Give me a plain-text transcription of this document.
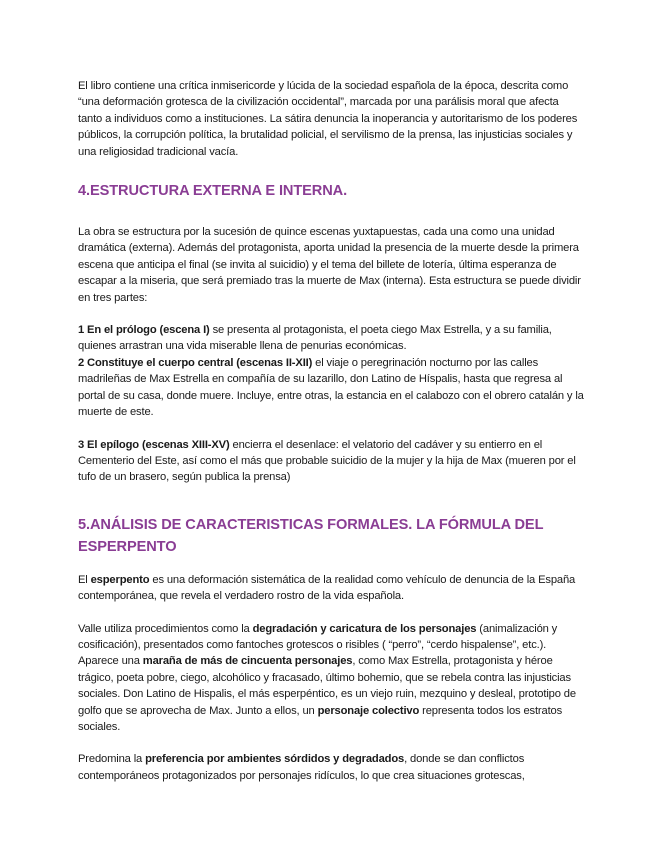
El libro contiene una crítica inmisericorde y lúcida de la sociedad española de la época, descrita como “una deformación grotesca de la civilización occidental”, marcada por una parálisis moral que afecta tanto a individuos como a instituciones. La sátira denuncia la inoperancia y autoritarismo de los poderes públicos, la corrupción política, la brutalidad policial, el servilismo de la prensa, las injusticias sociales y una religiosidad tradicional vacía.

4.ESTRUCTURA EXTERNA E INTERNA.

La obra se estructura por la sucesión de quince escenas yuxtapuestas, cada una como una unidad dramática (externa). Además del protagonista, aporta unidad la presencia de la muerte desde la primera escena que anticipa el final (se invita al suicidio) y el tema del billete de lotería, última esperanza de escapar a la miseria, que será premiado tras la muerte de Max (interna). Esta estructura se puede dividir en tres partes:

1 En el prólogo (escena I) se presenta al protagonista, el poeta ciego Max Estrella, y a su familia, quienes arrastran una vida miserable llena de penurias económicas.

2 Constituye el cuerpo central (escenas II-XII) el viaje o peregrinación nocturno por las calles madrileñas de Max Estrella en compañía de su lazarillo, don Latino de Híspalis, hasta que regresa al portal de su casa, donde muere. Incluye, entre otras, la estancia en el calabozo con el obrero catalán y la muerte de este.

3 El epílogo (escenas XIII-XV) encierra el desenlace: el velatorio del cadáver y su entierro en el Cementerio del Este, así como el más que probable suicidio de la mujer y la hija de Max (mueren por el tufo de un brasero, según publica la prensa)

5.ANÁLISIS DE CARACTERISTICAS FORMALES. LA FÓRMULA DEL
ESPERPENTO

El esperpento es una deformación sistemática de la realidad como vehículo de denuncia de la España contemporánea, que revela el verdadero rostro de la vida española.

Valle utiliza procedimientos como la degradación y caricatura de los personajes (animalización y cosificación), presentados como fantoches grotescos o risibles ( “perro”, “cerdo hispalense”, etc.). Aparece una maraña de más de cincuenta personajes, como Max Estrella, protagonista y héroe trágico, poeta pobre, ciego, alcohólico y fracasado, último bohemio, que se rebela contra las injusticias sociales. Don Latino de Hispalis, el más esperpéntico, es un viejo ruin, mezquino y desleal, prototipo de golfo que se aprovecha de Max. Junto a ellos, un personaje colectivo representa todos los estratos sociales.

Predomina la preferencia por ambientes sórdidos y degradados, donde se dan conflictos contemporáneos protagonizados por personajes ridículos, lo que crea situaciones grotescas,
